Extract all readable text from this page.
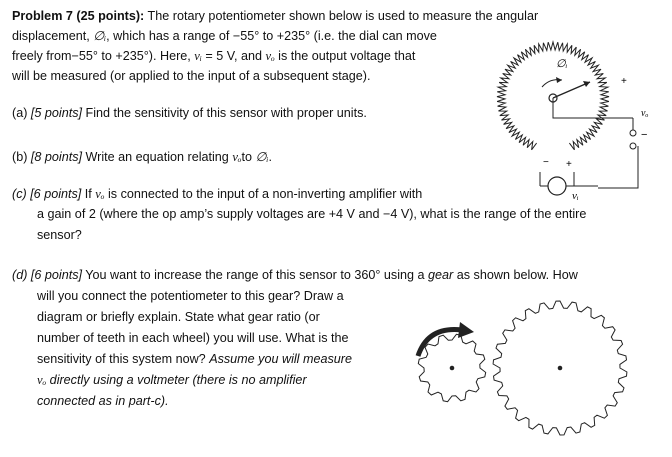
Problem 7 (25 points): The rotary potentiometer shown below is used to measure the angular
displacement, ∅ᵢ, which has a range of −55° to +235° (i.e. the dial can move
freely from−55° to +235°). Here, vᵢ = 5 V, and vₒ is the output voltage that
will be measured (or applied to the input of a subsequent stage).
(a) [5 points] Find the sensitivity of this sensor with proper units.
(b) [8 points] Write an equation relating vₒto ∅ᵢ.
(c) [6 points] If vₒ is connected to the input of a non-inverting amplifier with
a gain of 2 (where the op amp’s supply voltages are +4 V and −4 V), what is the range of the entire
sensor?
(d) [6 points] You want to increase the range of this sensor to 360° using a gear as shown below. How
will you connect the potentiometer to this gear? Draw a
diagram or briefly explain. State what gear ratio (or
number of teeth in each wheel) you will use. What is the
sensitivity of this system now? Assume you will measure
vₒ directly using a voltmeter (there is no amplifier
connected as in part-c).
∅ᵢ
+
vₒ
−
− +
vᵢ
